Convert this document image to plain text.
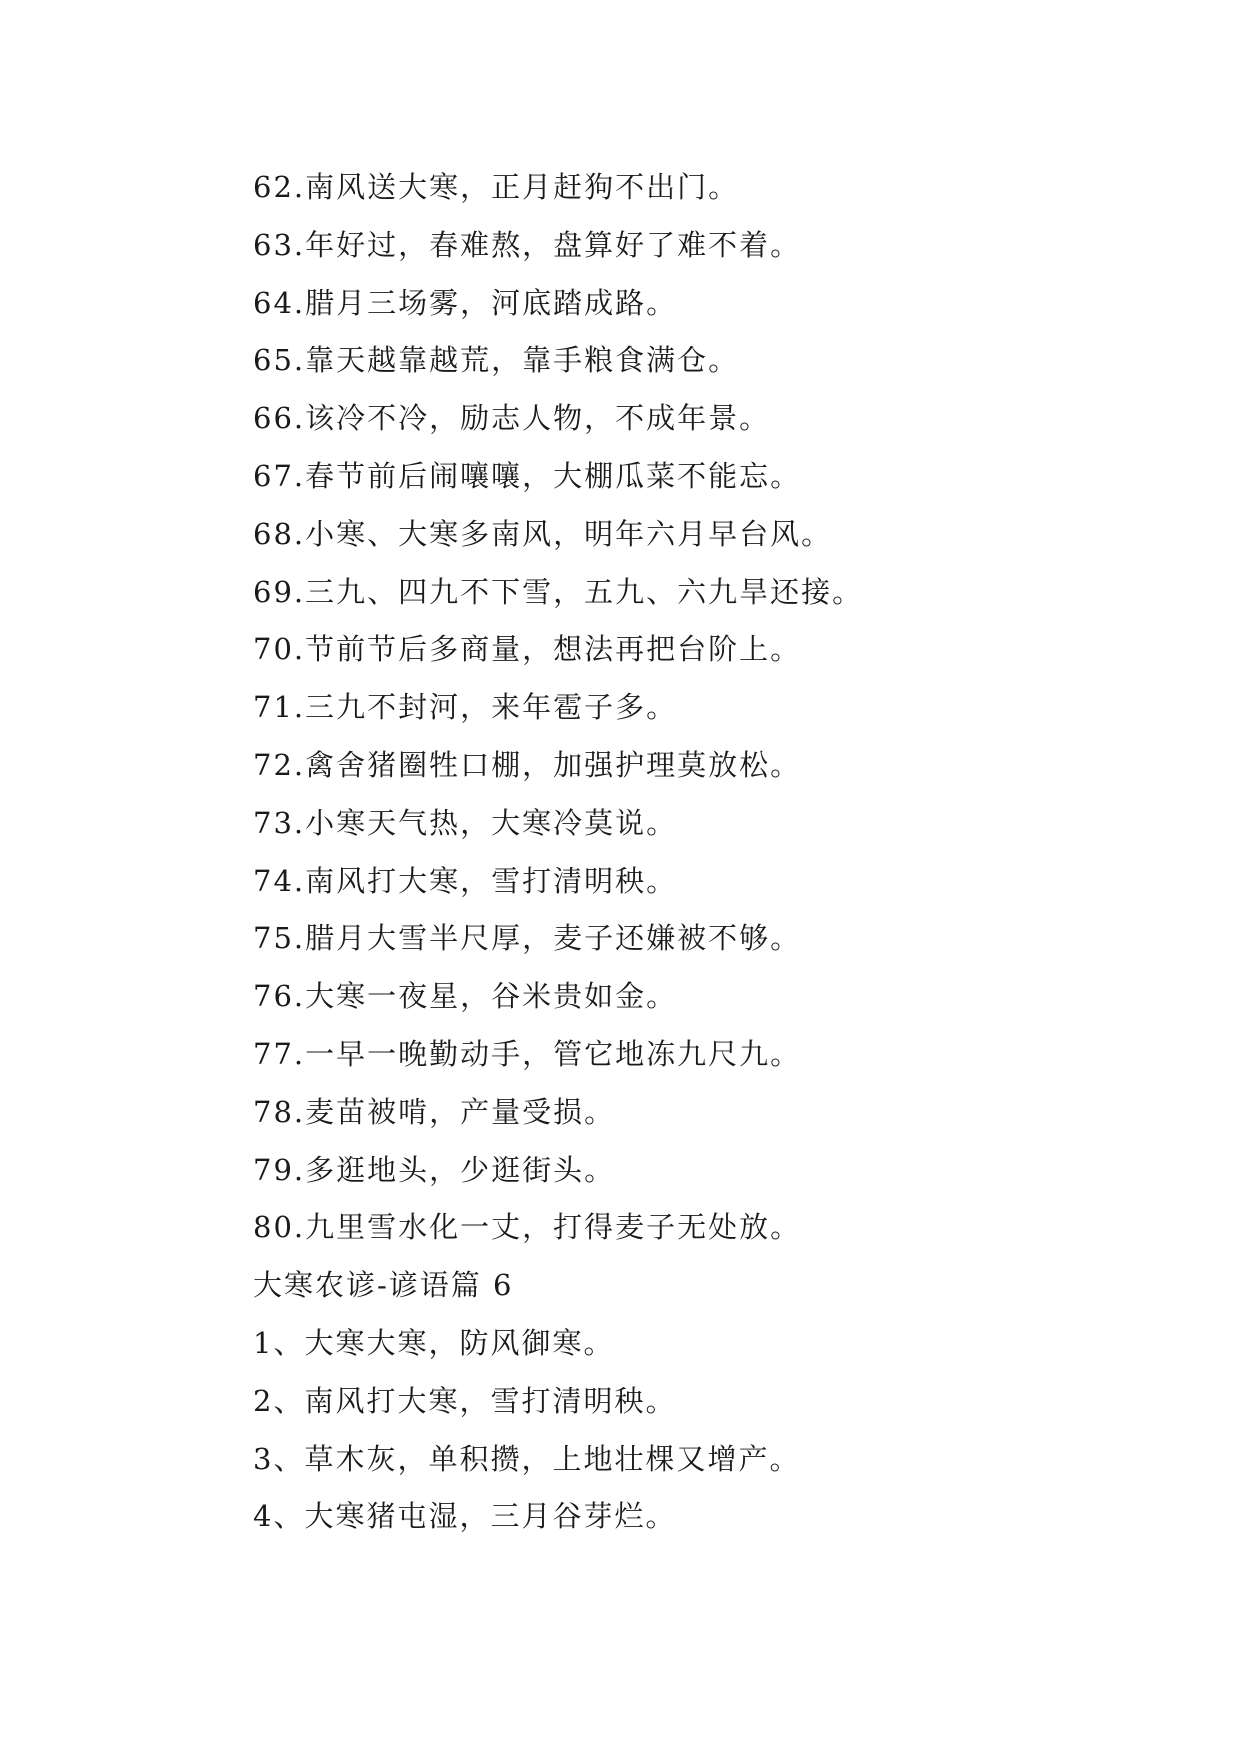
62.南风送大寒，正月赶狗不出门。
63.年好过，春难熬，盘算好了难不着。
64.腊月三场雾，河底踏成路。
65.靠天越靠越荒，靠手粮食满仓。
66.该冷不冷，励志人物，不成年景。
67.春节前后闹嚷嚷，大棚瓜菜不能忘。
68.小寒、大寒多南风，明年六月早台风。
69.三九、四九不下雪，五九、六九旱还接。
70.节前节后多商量，想法再把台阶上。
71.三九不封河，来年雹子多。
72.禽舍猪圈牲口棚，加强护理莫放松。
73.小寒天气热，大寒冷莫说。
74.南风打大寒，雪打清明秧。
75.腊月大雪半尺厚，麦子还嫌被不够。
76.大寒一夜星，谷米贵如金。
77.一早一晚勤动手，管它地冻九尺九。
78.麦苗被啃，产量受损。
79.多逛地头，少逛街头。
80.九里雪水化一丈，打得麦子无处放。
大寒农谚-谚语篇 6
1、大寒大寒，防风御寒。
2、南风打大寒，雪打清明秧。
3、草木灰，单积攒，上地壮棵又增产。
4、大寒猪屯湿，三月谷芽烂。
